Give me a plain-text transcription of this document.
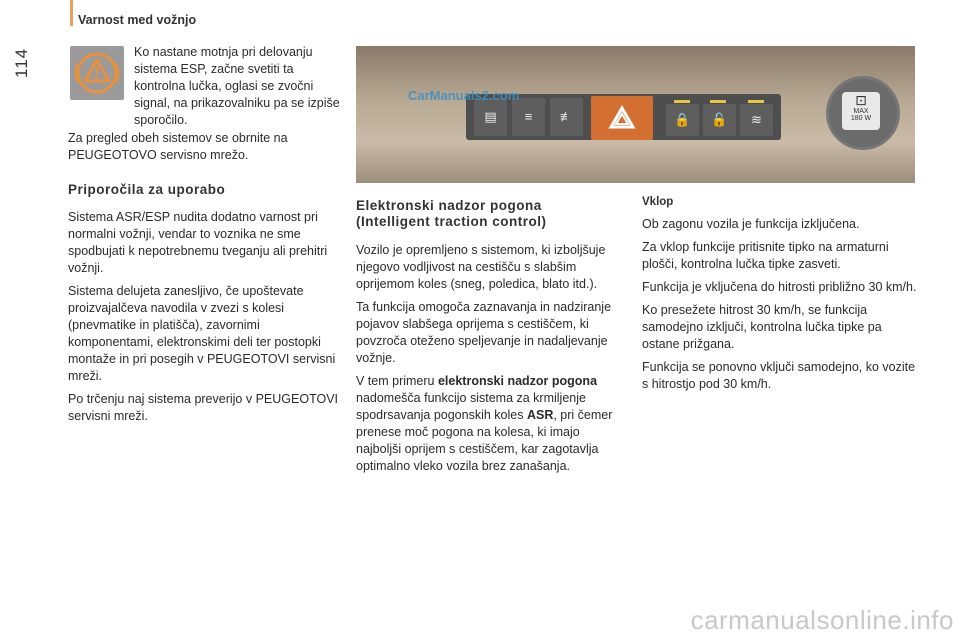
Varnost med vožnjo
114	Ko nastane motnja pri delovanju sistema ESP, začne svetiti ta kontrolna lučka, oglasi se zvočni signal, na prikazovalniku pa se izpiše sporočilo.

Za pregled obeh sistemov se obrnite na PEUGEOTOVO servisno mrežo.

Priporočila za uporabo

Sistema ASR/ESP nudita dodatno varnost pri normalni vožnji, vendar to voznika ne sme spodbujati k nepotrebnemu tveganju ali prehitri vožnji.

Sistema delujeta zanesljivo, če upoštevate proizvajalčeva navodila v zvezi s kolesi (pnevmatike in platišča), zavornimi komponentami, elektronskimi deli ter postopki montaže in pri posegih v PEUGEOTOVI servisni mreži.

Po trčenju naj sistema preverijo v PEUGEOTOVI servisni mreži.

▤	≡	≢	🔒	🔓	≋
⊡
MAX
180 W
CarManuals2.com
Elektronski nadzor pogona
(Intelligent traction control)

Vozilo je opremljeno s sistemom, ki izboljšuje njegovo vodljivost na cestišču s slabšim oprijemom koles (sneg, poledica, blato itd.).

Ta funkcija omogoča zaznavanja in nadziranje pojavov slabšega oprijema s cestiščem, ki povzroča oteženo speljevanje in nadaljevanje vožnje.

V tem primeru elektronski nadzor pogona nadomešča funkcijo sistema za krmiljenje spodrsavanja pogonskih koles ASR, pri čemer prenese moč pogona na kolesa, ki imajo najboljši oprijem s cestiščem, kar zagotavlja optimalno vleko vozila brez zanašanja.

Vklop

Ob zagonu vozila je funkcija izključena.

Za vklop funkcije pritisnite tipko na armaturni plošči, kontrolna lučka tipke zasveti.

Funkcija je vključena do hitrosti približno 30 km/h.

Ko presežete hitrost 30 km/h, se funkcija samodejno izključi, kontrolna lučka tipke pa ostane prižgana.

Funkcija se ponovno vključi samodejno, ko vozite s hitrostjo pod 30 km/h.

carmanualsonline.info
